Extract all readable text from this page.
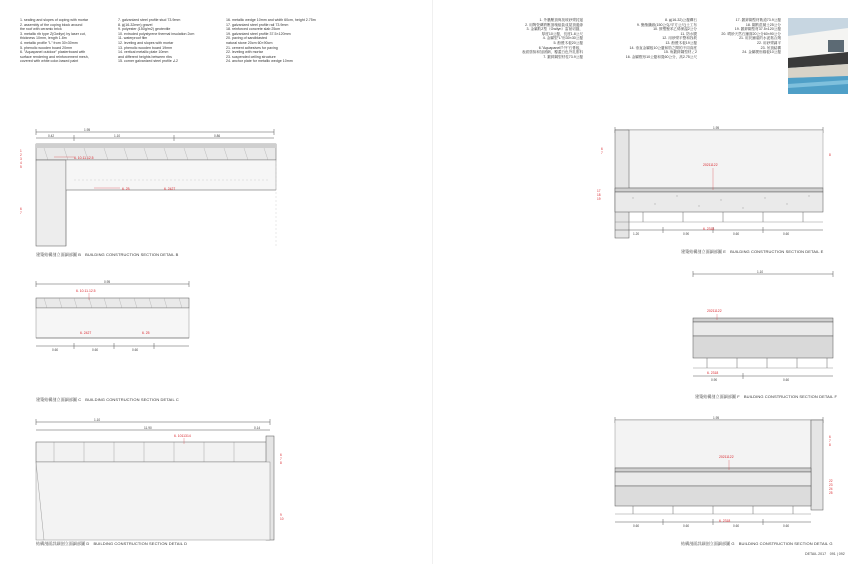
1. sealing and slopes of coping with mortar
2. assembly of the coping block around
the roof with ceramic brick
3. metallic rib type Z(Gwilyn) by laser cut,
thickness 10mm, length 1.8m
4. metallic profile "L" from 30×30mm
5. phenolic wooden board 20mm
6. "Aquapanel outdoor" plasterboard with
surface rendering and reinforcement mesh,
covered with white color-based paint
7. galvanized steel profile stud 73.9mm
8. ϕ(16-32mm) gravel
9. polyester (150g/m2) geotextile
10. extruded polystyrene thermal insulation 2cm
11. waterproof film
12. leveling and slopes with mortar
13. phenolic wooden board 19mm
14. vertical metallic plate 10mm
and different heights between ribs
15. corner galvanized steel profile ∠2
16. metallic wedge 10mm and width 60cm, height 2.75m
17. galvanized steel profile rail 73.9mm
18. reinforced concrete slab 25cm
19. galvanized steel profile 37.5×120mm
20. paving of sandblasted
natural stone 20cm 60×90cm
21. cement adhesives for paving
22. leveling with mortar
23. suspended ceiling structure
24. anchor plate for metallic wedge 10mm
1.95
0.42	1.10	0.86
6. 10.11.12.5
6. 25	6. 2427
1
2
3
4
5
6
7
建築結構剖立面細部圖 B　BUILDING CONSTRUCTION SECTION DETAIL B
0.95
0.60	0.60	0.60
6. 10.11.12.5
6. 2427	6. 25
建築結構剖立面細部圖 C　BUILDING CONSTRUCTION SECTION DETAIL C
1.10
11.90	0.14
6. 1011314
6
7
8
9
10
結構剖面詳細剖立面細部圖 D　BUILDING CONSTRUCTION SECTION DETAIL D
1. 外牆壓頂與找坡砂漿封邊
2. 用陶瓷磚將壓頂塊組裝成屋頂邊緣
3. 金屬肋Z型（Gwilyn）雷射切割，
厚度10公釐，長度1.8公尺
4. 金屬型"L"形30×30公釐
5. 酚醛木板20公釐
6."Aquapanel戶外"石膏板，
表面塗抹和加固網，覆蓋白色外乳塗料
7. 鍍鋅鋼型材柱73.9公釐
8. ϕ(16-32)公釐礫石
9. 聚酯纖維(150公克/平方公尺)土工布
10. 擠塑聚苯乙烯保溫2公分
11. 防水膜
12. 用砂漿平整和找坡
13. 酚醛木板19公釐
14. 垂直金屬板10公釐和肋之間的不同高度
15. 角鍍鋅鋼型材∠2
16. 金屬楔形10公釐和寬60公分，高2.75公尺
17. 鍍鋅鋼型材軌道73.9公釐
18. 鋼筋混凝土25公分
19. 鍍鋅鋼型材37.5×120公釐
20. 噴砂天然石鋪面20公分60×90公分
21. 用於鋪裝的水泥黏合劑
22. 用砂漿調平
23. 吊頂結構
24. 金屬楔形錨板10公釐
1.95
1.20	0.90	0.60	0.60
20211122
6. 2318
6
7	8
17
18
19
建築結構剖立面細部圖 E　BUILDING CONSTRUCTION SECTION DETAIL E
1.10
0.90	0.60
20211122
6. 2318
建築結構剖立面細部圖 F　BUILDING CONSTRUCTION SECTION DETAIL F
1.95
0.60	0.60	0.60	0.60
20211122
6. 2318
6
7
8
22
23
24
25
結構剖面詳細剖立面細部圖 G　BUILDING CONSTRUCTION SECTION DETAIL G
DETAIL 2017　091 | 092
